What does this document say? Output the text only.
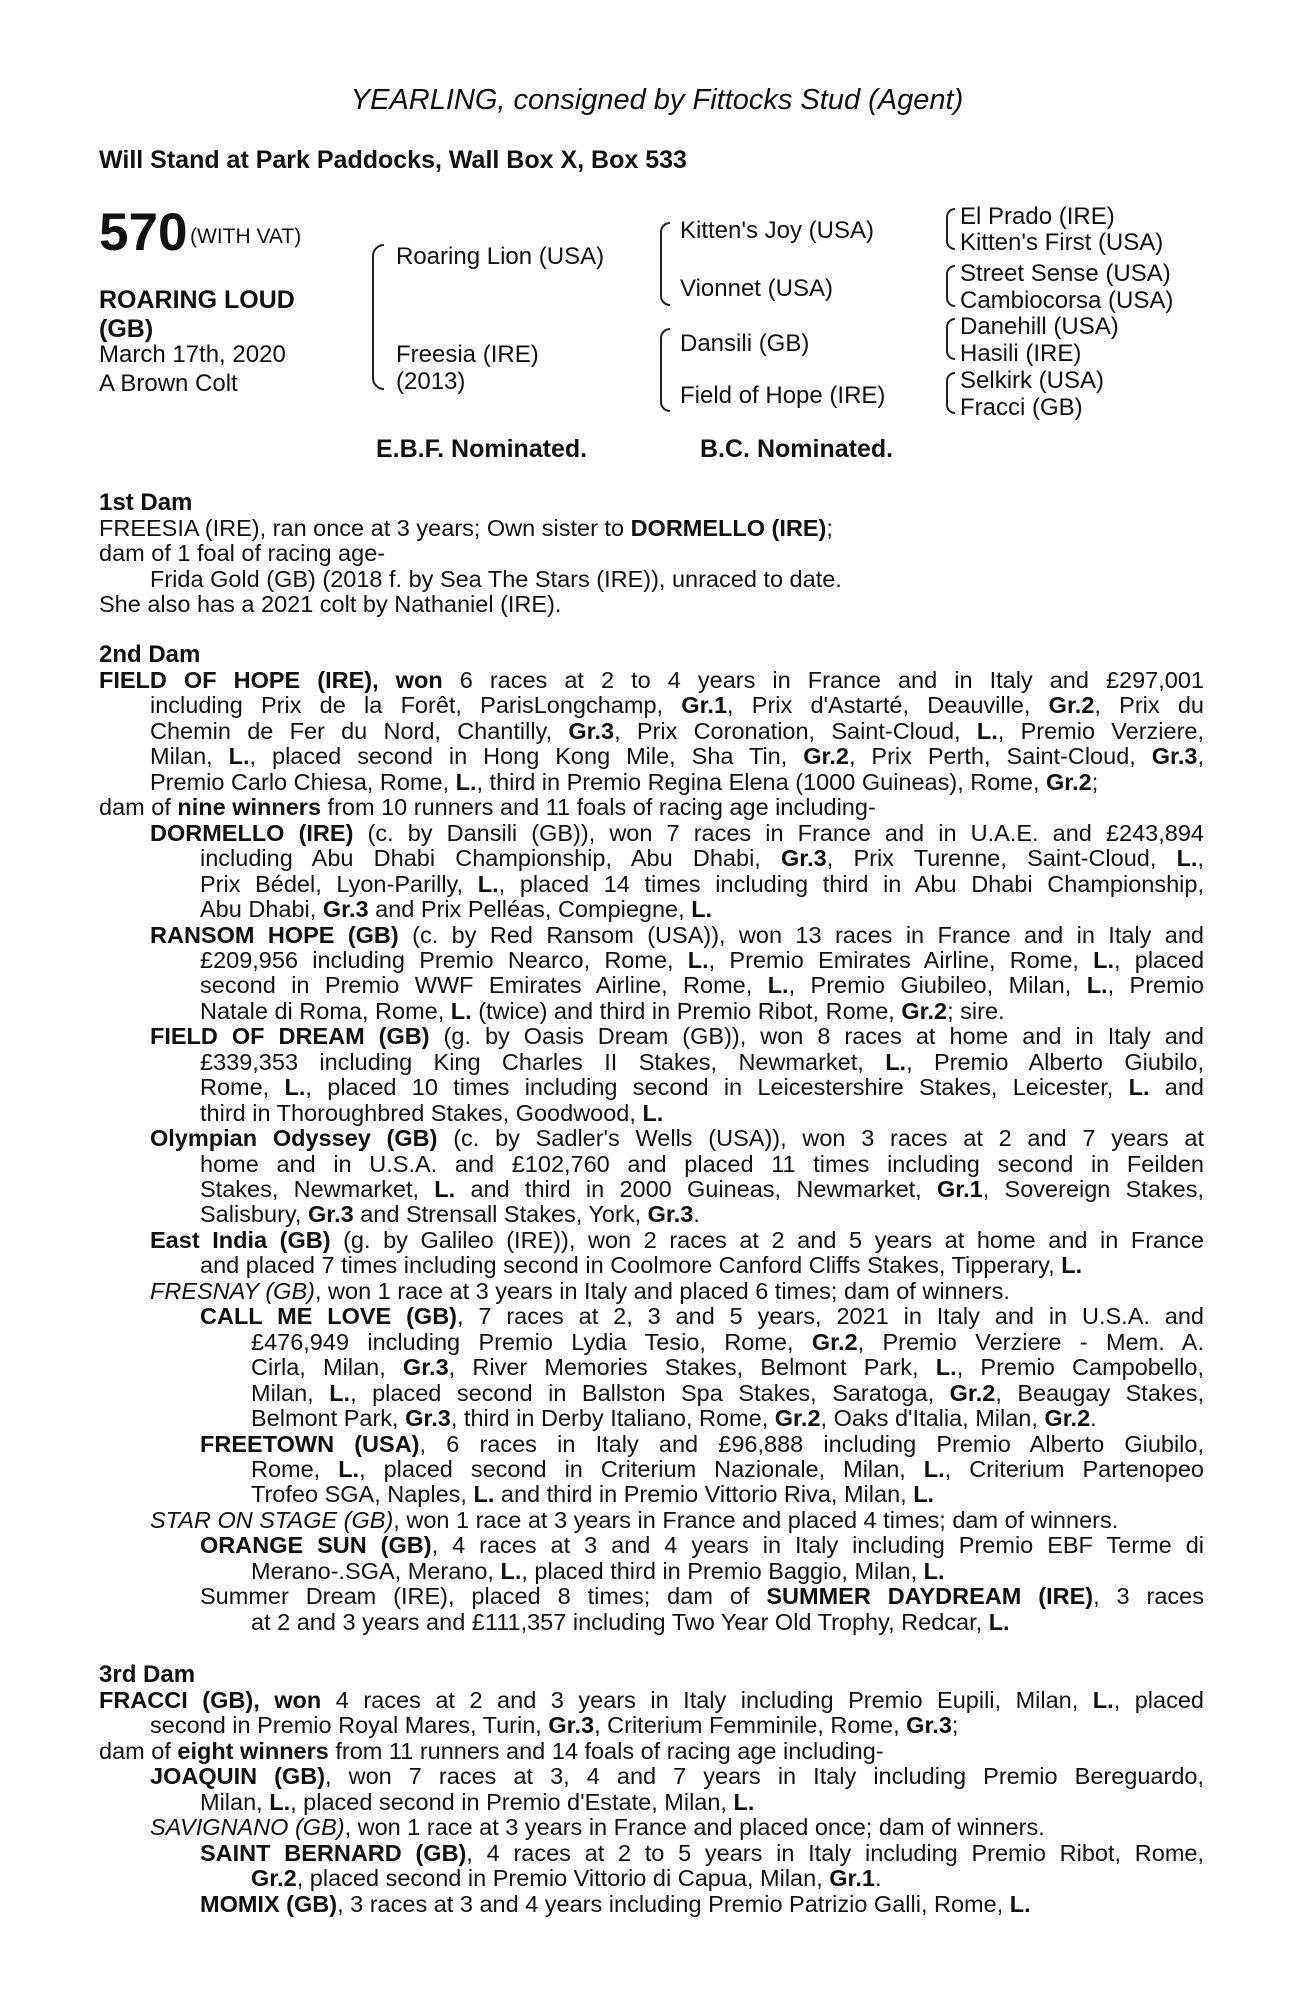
YEARLING, consigned by Fittocks Stud (Agent)
Will Stand at Park Paddocks, Wall Box X, Box 533
570 (WITH VAT)
ROARING LOUD
(GB)
March 17th, 2020
A Brown Colt
Roaring Lion (USA)
Freesia (IRE)
(2013)
Kitten's Joy (USA)
Vionnet (USA)
Dansili (GB)
Field of Hope (IRE)
El Prado (IRE)
Kitten's First (USA)
Street Sense (USA)
Cambiocorsa (USA)
Danehill (USA)
Hasili (IRE)
Selkirk (USA)
Fracci (GB)
E.B.F. Nominated.	B.C. Nominated.
1st Dam
FREESIA (IRE), ran once at 3 years; Own sister to DORMELLO (IRE);
dam of 1 foal of racing age-
Frida Gold (GB) (2018 f. by Sea The Stars (IRE)), unraced to date.
She also has a 2021 colt by Nathaniel (IRE).
2nd Dam
FIELD OF HOPE (IRE), won 6 races at 2 to 4 years in France and in Italy and £297,001
including Prix de la Forêt, ParisLongchamp, Gr.1, Prix d'Astarté, Deauville, Gr.2, Prix du
Chemin de Fer du Nord, Chantilly, Gr.3, Prix Coronation, Saint-Cloud, L., Premio Verziere,
Milan, L., placed second in Hong Kong Mile, Sha Tin, Gr.2, Prix Perth, Saint-Cloud, Gr.3,
Premio Carlo Chiesa, Rome, L., third in Premio Regina Elena (1000 Guineas), Rome, Gr.2;
dam of nine winners from 10 runners and 11 foals of racing age including-
DORMELLO (IRE) (c. by Dansili (GB)), won 7 races in France and in U.A.E. and £243,894
including Abu Dhabi Championship, Abu Dhabi, Gr.3, Prix Turenne, Saint-Cloud, L.,
Prix Bédel, Lyon-Parilly, L., placed 14 times including third in Abu Dhabi Championship,
Abu Dhabi, Gr.3 and Prix Pelléas, Compiegne, L.
RANSOM HOPE (GB) (c. by Red Ransom (USA)), won 13 races in France and in Italy and
£209,956 including Premio Nearco, Rome, L., Premio Emirates Airline, Rome, L., placed
second in Premio WWF Emirates Airline, Rome, L., Premio Giubileo, Milan, L., Premio
Natale di Roma, Rome, L. (twice) and third in Premio Ribot, Rome, Gr.2; sire.
FIELD OF DREAM (GB) (g. by Oasis Dream (GB)), won 8 races at home and in Italy and
£339,353 including King Charles II Stakes, Newmarket, L., Premio Alberto Giubilo,
Rome, L., placed 10 times including second in Leicestershire Stakes, Leicester, L. and
third in Thoroughbred Stakes, Goodwood, L.
Olympian Odyssey (GB) (c. by Sadler's Wells (USA)), won 3 races at 2 and 7 years at
home and in U.S.A. and £102,760 and placed 11 times including second in Feilden
Stakes, Newmarket, L. and third in 2000 Guineas, Newmarket, Gr.1, Sovereign Stakes,
Salisbury, Gr.3 and Strensall Stakes, York, Gr.3.
East India (GB) (g. by Galileo (IRE)), won 2 races at 2 and 5 years at home and in France
and placed 7 times including second in Coolmore Canford Cliffs Stakes, Tipperary, L.
FRESNAY (GB), won 1 race at 3 years in Italy and placed 6 times; dam of winners.
CALL ME LOVE (GB), 7 races at 2, 3 and 5 years, 2021 in Italy and in U.S.A. and
£476,949 including Premio Lydia Tesio, Rome, Gr.2, Premio Verziere - Mem. A.
Cirla, Milan, Gr.3, River Memories Stakes, Belmont Park, L., Premio Campobello,
Milan, L., placed second in Ballston Spa Stakes, Saratoga, Gr.2, Beaugay Stakes,
Belmont Park, Gr.3, third in Derby Italiano, Rome, Gr.2, Oaks d'Italia, Milan, Gr.2.
FREETOWN (USA), 6 races in Italy and £96,888 including Premio Alberto Giubilo,
Rome, L., placed second in Criterium Nazionale, Milan, L., Criterium Partenopeo
Trofeo SGA, Naples, L. and third in Premio Vittorio Riva, Milan, L.
STAR ON STAGE (GB), won 1 race at 3 years in France and placed 4 times; dam of winners.
ORANGE SUN (GB), 4 races at 3 and 4 years in Italy including Premio EBF Terme di
Merano-.SGA, Merano, L., placed third in Premio Baggio, Milan, L.
Summer Dream (IRE), placed 8 times; dam of SUMMER DAYDREAM (IRE), 3 races
at 2 and 3 years and £111,357 including Two Year Old Trophy, Redcar, L.
3rd Dam
FRACCI (GB), won 4 races at 2 and 3 years in Italy including Premio Eupili, Milan, L., placed
second in Premio Royal Mares, Turin, Gr.3, Criterium Femminile, Rome, Gr.3;
dam of eight winners from 11 runners and 14 foals of racing age including-
JOAQUIN (GB), won 7 races at 3, 4 and 7 years in Italy including Premio Bereguardo,
Milan, L., placed second in Premio d'Estate, Milan, L.
SAVIGNANO (GB), won 1 race at 3 years in France and placed once; dam of winners.
SAINT BERNARD (GB), 4 races at 2 to 5 years in Italy including Premio Ribot, Rome,
Gr.2, placed second in Premio Vittorio di Capua, Milan, Gr.1.
MOMIX (GB), 3 races at 3 and 4 years including Premio Patrizio Galli, Rome, L.
